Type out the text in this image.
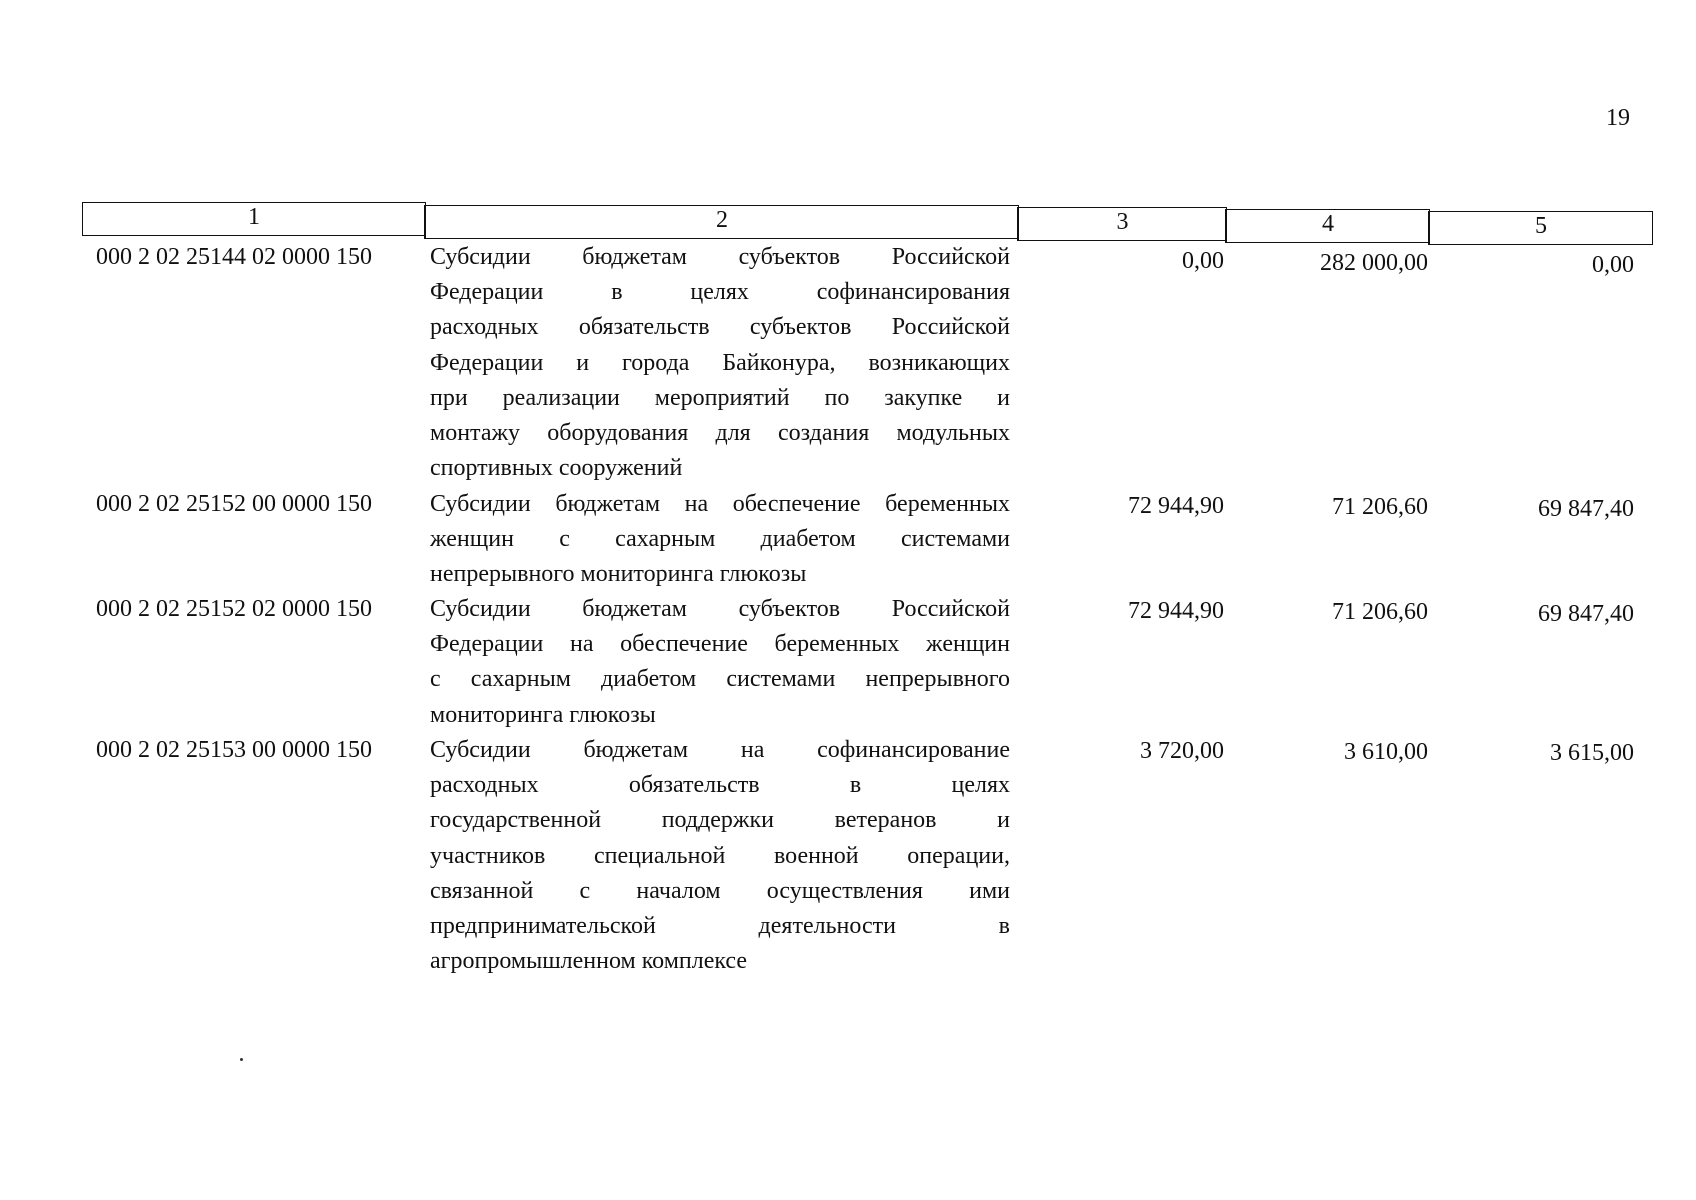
19
1	2	3	4	5
000 2 02 25144 02 0000 150	Субсидии бюджетам субъектов Российской
Федерации в целях софинансирования
расходных обязательств субъектов Российской
Федерации и города Байконура, возникающих
при реализации мероприятий по закупке и
монтажу оборудования для создания модульных
спортивных сооружений
0,00	282 000,00	0,00
000 2 02 25152 00 0000 150	Субсидии бюджетам на обеспечение беременных
женщин с сахарным диабетом системами
непрерывного мониторинга глюкозы
72 944,90	71 206,60	69 847,40
000 2 02 25152 02 0000 150	Субсидии бюджетам субъектов Российской
Федерации на обеспечение беременных женщин
с сахарным диабетом системами непрерывного
мониторинга глюкозы
72 944,90	71 206,60	69 847,40
000 2 02 25153 00 0000 150	Субсидии бюджетам на софинансирование
расходных обязательств в целях
государственной поддержки ветеранов и
участников специальной военной операции,
связанной с началом осуществления ими
предпринимательской деятельности в
агропромышленном комплексе
3 720,00	3 610,00	3 615,00
